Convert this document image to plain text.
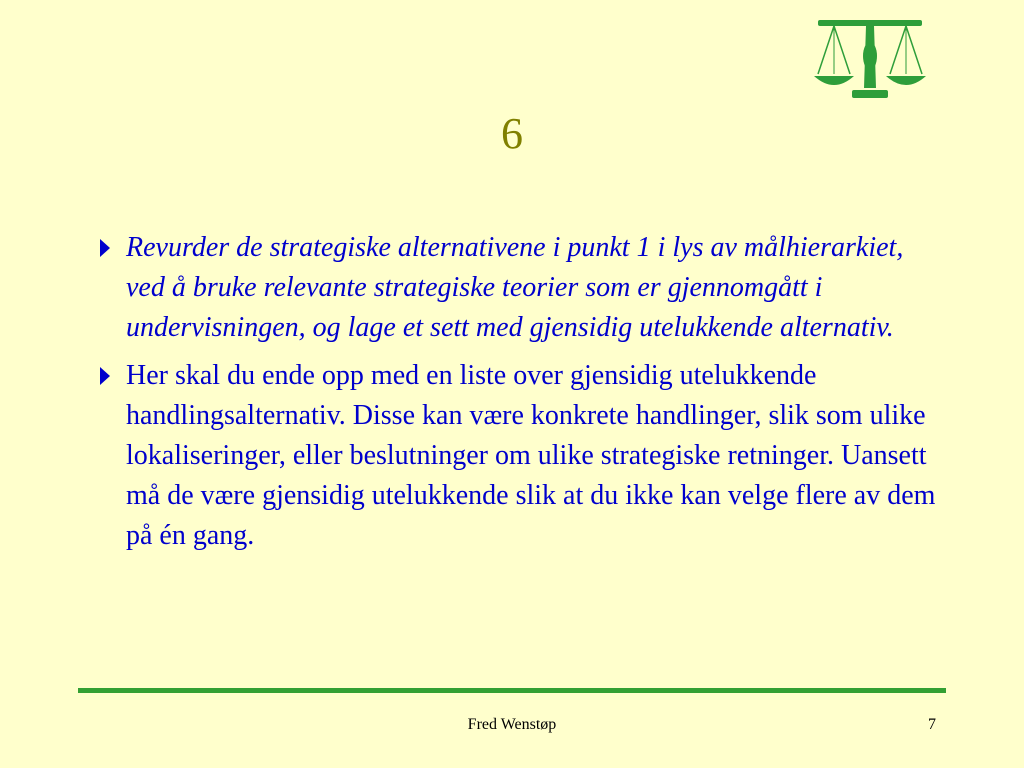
6
Revurder de strategiske alternativene i punkt 1 i lys av målhierarkiet, ved å bruke relevante strategiske teorier som er gjennomgått i undervisningen, og lage et sett med gjensidig utelukkende alternativ.
Her skal du ende opp med en liste over gjensidig utelukkende handlingsalternativ. Disse kan være konkrete handlinger, slik som ulike lokaliseringer, eller beslutninger om ulike strategiske retninger. Uansett må de være gjensidig utelukkende slik at du ikke kan velge flere av dem på én gang.
Fred Wenstøp	7
